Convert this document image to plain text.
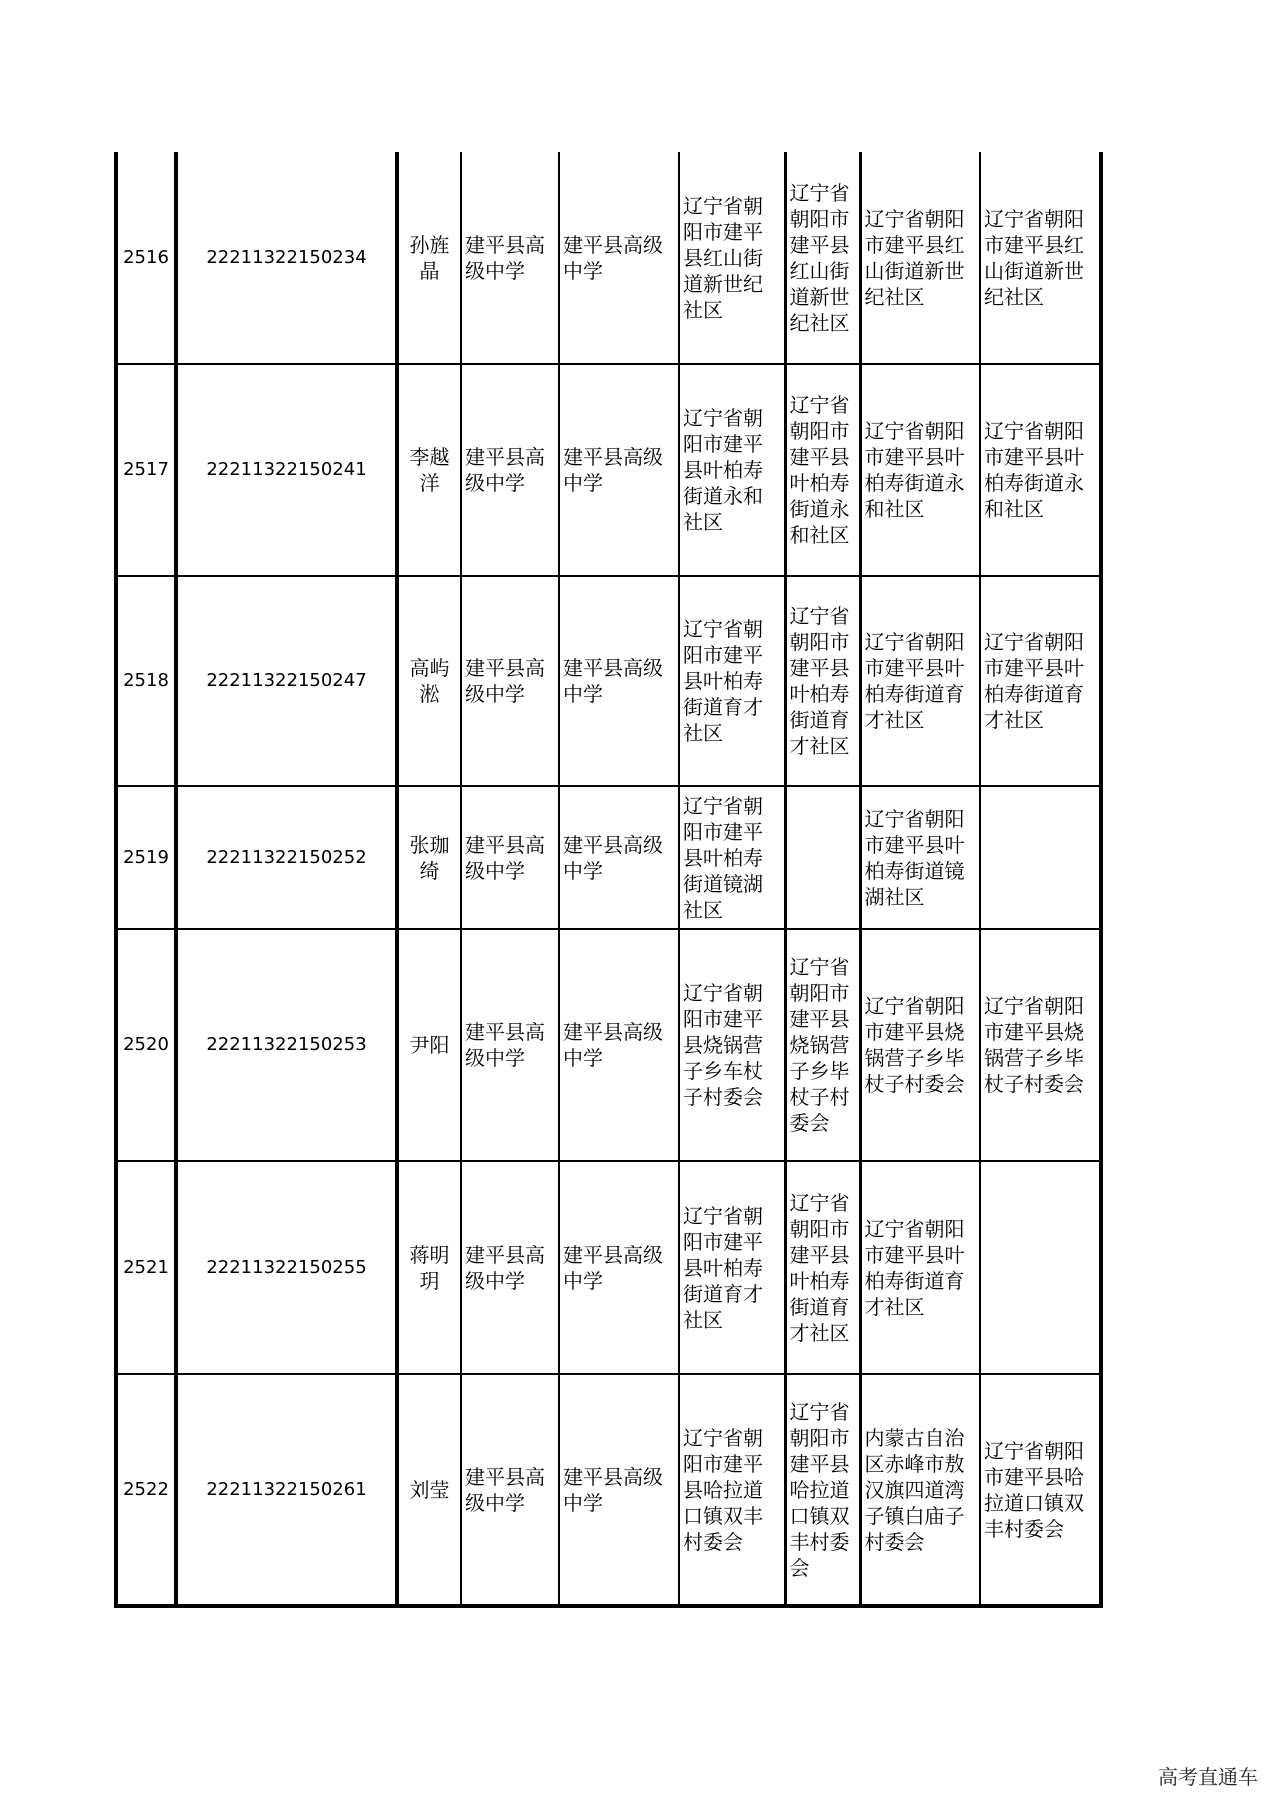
2516	22211322150234	孙旌晶	建平县高级中学	建平县高级中学	辽宁省朝阳市建平县红山街道新世纪社区	辽宁省朝阳市建平县红山街道新世纪社区	辽宁省朝阳市建平县红山街道新世纪社区	辽宁省朝阳市建平县红山街道新世纪社区
2517	22211322150241	李越洋	建平县高级中学	建平县高级中学	辽宁省朝阳市建平县叶柏寿街道永和社区	辽宁省朝阳市建平县叶柏寿街道永和社区	辽宁省朝阳市建平县叶柏寿街道永和社区	辽宁省朝阳市建平县叶柏寿街道永和社区
2518	22211322150247	高屿淞	建平县高级中学	建平县高级中学	辽宁省朝阳市建平县叶柏寿街道育才社区	辽宁省朝阳市建平县叶柏寿街道育才社区	辽宁省朝阳市建平县叶柏寿街道育才社区	辽宁省朝阳市建平县叶柏寿街道育才社区
2519	22211322150252	张珈绮	建平县高级中学	建平县高级中学	辽宁省朝阳市建平县叶柏寿街道镜湖社区		辽宁省朝阳市建平县叶柏寿街道镜湖社区	
2520	22211322150253	尹阳	建平县高级中学	建平县高级中学	辽宁省朝阳市建平县烧锅营子乡车杖子村委会	辽宁省朝阳市建平县烧锅营子乡毕杖子村委会	辽宁省朝阳市建平县烧锅营子乡毕杖子村委会	辽宁省朝阳市建平县烧锅营子乡毕杖子村委会
2521	22211322150255	蒋明玥	建平县高级中学	建平县高级中学	辽宁省朝阳市建平县叶柏寿街道育才社区	辽宁省朝阳市建平县叶柏寿街道育才社区	辽宁省朝阳市建平县叶柏寿街道育才社区	
2522	22211322150261	刘莹	建平县高级中学	建平县高级中学	辽宁省朝阳市建平县哈拉道口镇双丰村委会	辽宁省朝阳市建平县哈拉道口镇双丰村委会	内蒙古自治区赤峰市敖汉旗四道湾子镇白庙子村委会	辽宁省朝阳市建平县哈拉道口镇双丰村委会
高考直通车
